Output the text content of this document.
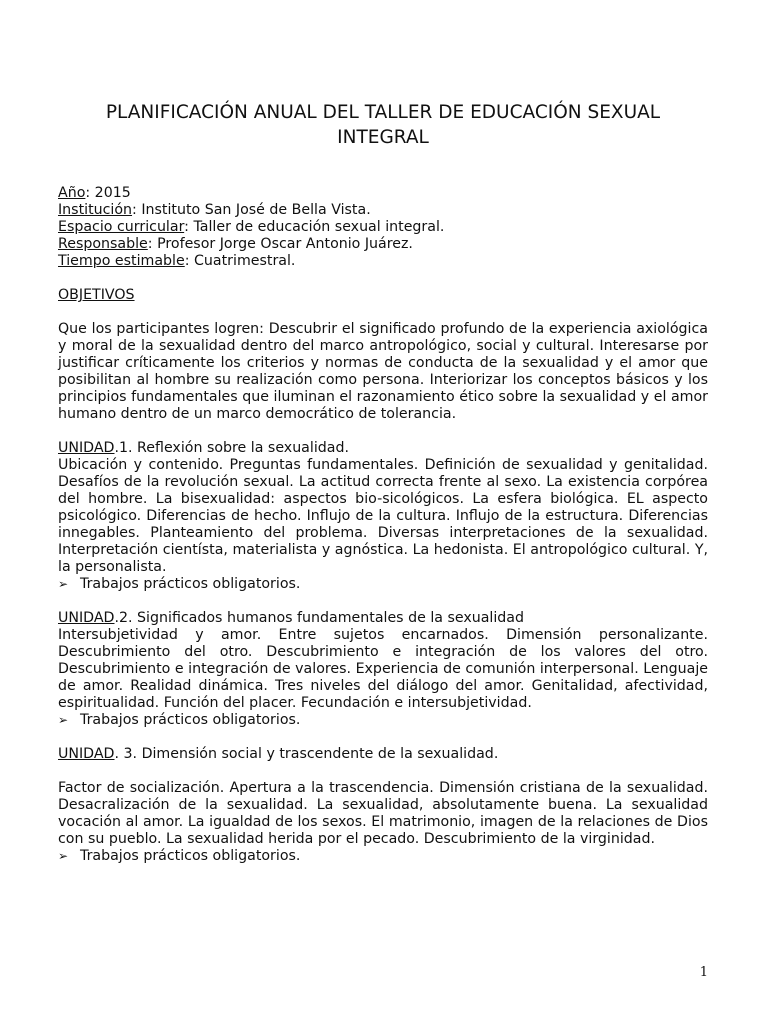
PLANIFICACIÓN ANUAL DEL TALLER DE EDUCACIÓN SEXUAL INTEGRAL

Año: 2015

Institución: Instituto San José de Bella Vista.

Espacio curricular: Taller de educación sexual integral.

Responsable: Profesor Jorge Oscar Antonio Juárez.

Tiempo estimable: Cuatrimestral.

OBJETIVOS

Que los participantes logren: Descubrir el significado profundo de la experiencia axiológica y moral de la sexualidad dentro del marco antropológico, social y cultural. Interesarse por justificar críticamente los criterios y normas de conducta de la sexualidad y el amor que posibilitan al hombre su realización como persona. Interiorizar los conceptos básicos y los principios fundamentales que iluminan el razonamiento ético sobre la sexualidad y el amor humano dentro de un marco democrático de tolerancia.

UNIDAD.1. Reflexión sobre la sexualidad.

Ubicación y contenido. Preguntas fundamentales. Definición de sexualidad y genitalidad. Desafíos de la revolución sexual. La actitud correcta frente al sexo. La existencia corpórea del hombre. La bisexualidad: aspectos bio-sicológicos. La esfera biológica. EL aspecto psicológico. Diferencias de hecho. Influjo de la cultura. Influjo de la estructura. Diferencias innegables. Planteamiento del problema. Diversas interpretaciones de la sexualidad. Interpretación cientísta, materialista y agnóstica. La hedonista. El antropológico cultural. Y, la personalista.

➢ Trabajos prácticos obligatorios.

UNIDAD.2. Significados humanos fundamentales de la sexualidad

Intersubjetividad y amor. Entre sujetos encarnados. Dimensión personalizante. Descubrimiento del otro. Descubrimiento e integración de los valores del otro. Descubrimiento e integración de valores. Experiencia de comunión interpersonal. Lenguaje de amor. Realidad dinámica. Tres niveles del diálogo del amor. Genitalidad, afectividad, espiritualidad. Función del placer. Fecundación e intersubjetividad.

➢ Trabajos prácticos obligatorios.

UNIDAD. 3. Dimensión social y trascendente de la sexualidad.

Factor de socialización. Apertura a la trascendencia. Dimensión cristiana de la sexualidad. Desacralización de la sexualidad. La sexualidad, absolutamente buena. La sexualidad vocación al amor. La igualdad de los sexos. El matrimonio, imagen de la relaciones de Dios con su pueblo. La sexualidad herida por el pecado. Descubrimiento de la virginidad.

➢ Trabajos prácticos obligatorios.
1
